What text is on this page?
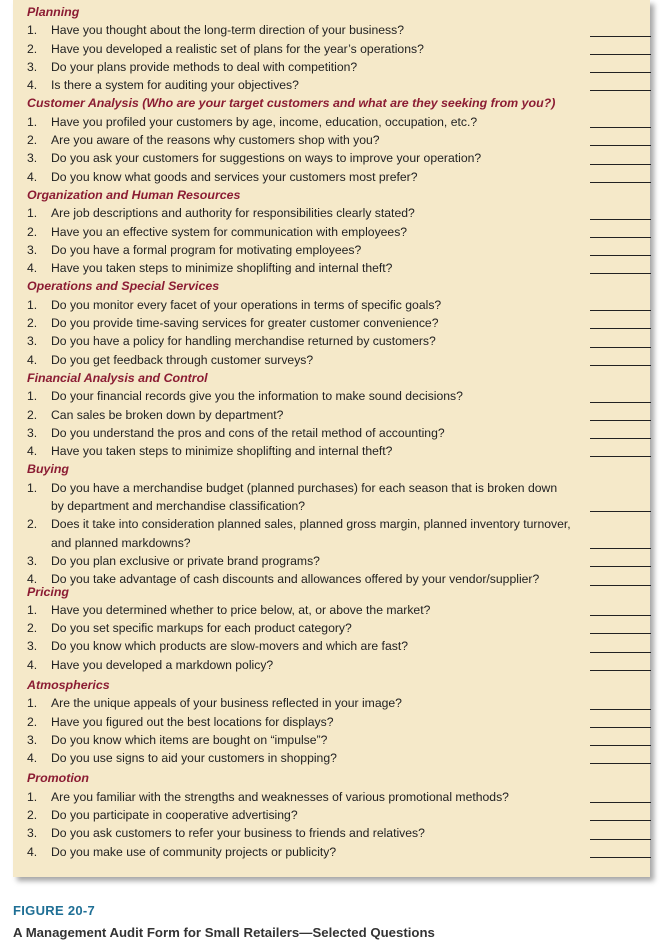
Planning
1.	Have you thought about the long-term direction of your business?
2.	Have you developed a realistic set of plans for the year’s operations?
3.	Do your plans provide methods to deal with competition?
4.	Is there a system for auditing your objectives?
Customer Analysis (Who are your target customers and what are they seeking from you?)
1.	Have you profiled your customers by age, income, education, occupation, etc.?
2.	Are you aware of the reasons why customers shop with you?
3.	Do you ask your customers for suggestions on ways to improve your operation?
4.	Do you know what goods and services your customers most prefer?
Organization and Human Resources
1.	Are job descriptions and authority for responsibilities clearly stated?
2.	Have you an effective system for communication with employees?
3.	Do you have a formal program for motivating employees?
4.	Have you taken steps to minimize shoplifting and internal theft?
Operations and Special Services
1.	Do you monitor every facet of your operations in terms of specific goals?
2.	Do you provide time-saving services for greater customer convenience?
3.	Do you have a policy for handling merchandise returned by customers?
4.	Do you get feedback through customer surveys?
Financial Analysis and Control
1.	Do your financial records give you the information to make sound decisions?
2.	Can sales be broken down by department?
3.	Do you understand the pros and cons of the retail method of accounting?
4.	Have you taken steps to minimize shoplifting and internal theft?
Buying
1.	Do you have a merchandise budget (planned purchases) for each season that is broken down by department and merchandise classification?
2.	Does it take into consideration planned sales, planned gross margin, planned inventory turnover, and planned markdowns?
3.	Do you plan exclusive or private brand programs?
4.	Do you take advantage of cash discounts and allowances offered by your vendor/supplier?
Pricing
1.	Have you determined whether to price below, at, or above the market?
2.	Do you set specific markups for each product category?
3.	Do you know which products are slow-movers and which are fast?
4.	Have you developed a markdown policy?
Atmospherics
1.	Are the unique appeals of your business reflected in your image?
2.	Have you figured out the best locations for displays?
3.	Do you know which items are bought on “impulse”?
4.	Do you use signs to aid your customers in shopping?
Promotion
1.	Are you familiar with the strengths and weaknesses of various promotional methods?
2.	Do you participate in cooperative advertising?
3.	Do you ask customers to refer your business to friends and relatives?
4.	Do you make use of community projects or publicity?
FIGURE 20-7
A Management Audit Form for Small Retailers—Selected Questions
